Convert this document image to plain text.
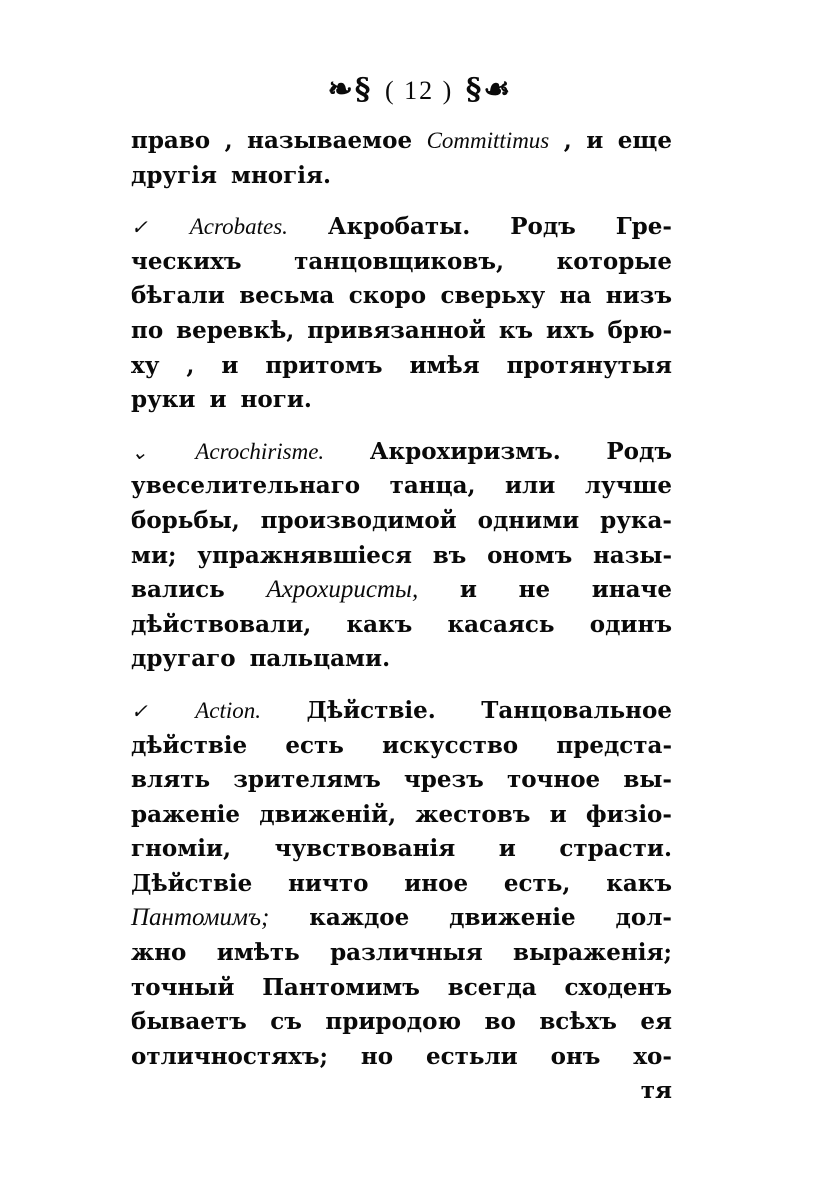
❧§ ( 12 ) §☙
право , называемое Committimus , и еще
другія многія.
✓ Acrobates. Акробаты. Родъ Гре-
ческихъ танцовщиковъ, которые
бѣгали весьма скоро сверьху на низъ
по веревкѣ, привязанной къ ихъ брю-
ху , и притомъ имѣя протянутыя
руки и ноги.
⌄ Acrochirisme. Акрохиризмъ. Родъ
увеселительнаго танца, или лучше
борьбы, производимой одними рука-
ми; упражнявшіеся въ ономъ назы-
вались Ахрохиристы, и не иначе
дѣйствовали, какъ касаясь одинъ
другаго пальцами.
✓ Action. Дѣйствіе. Танцовальное
дѣйствіе есть искусство предста-
влять зрителямъ чрезъ точное вы-
раженіе движеній, жестовъ и физіо-
гноміи, чувствованія и страсти.
Дѣйствіе ничто иное есть, какъ
Пантомимъ; каждое движеніе дол-
жно имѣть различныя выраженія;
точный Пантомимъ всегда сходенъ
бываетъ съ природою во всѣхъ ея
отличностяхъ; но естьли онъ хо-
тя
